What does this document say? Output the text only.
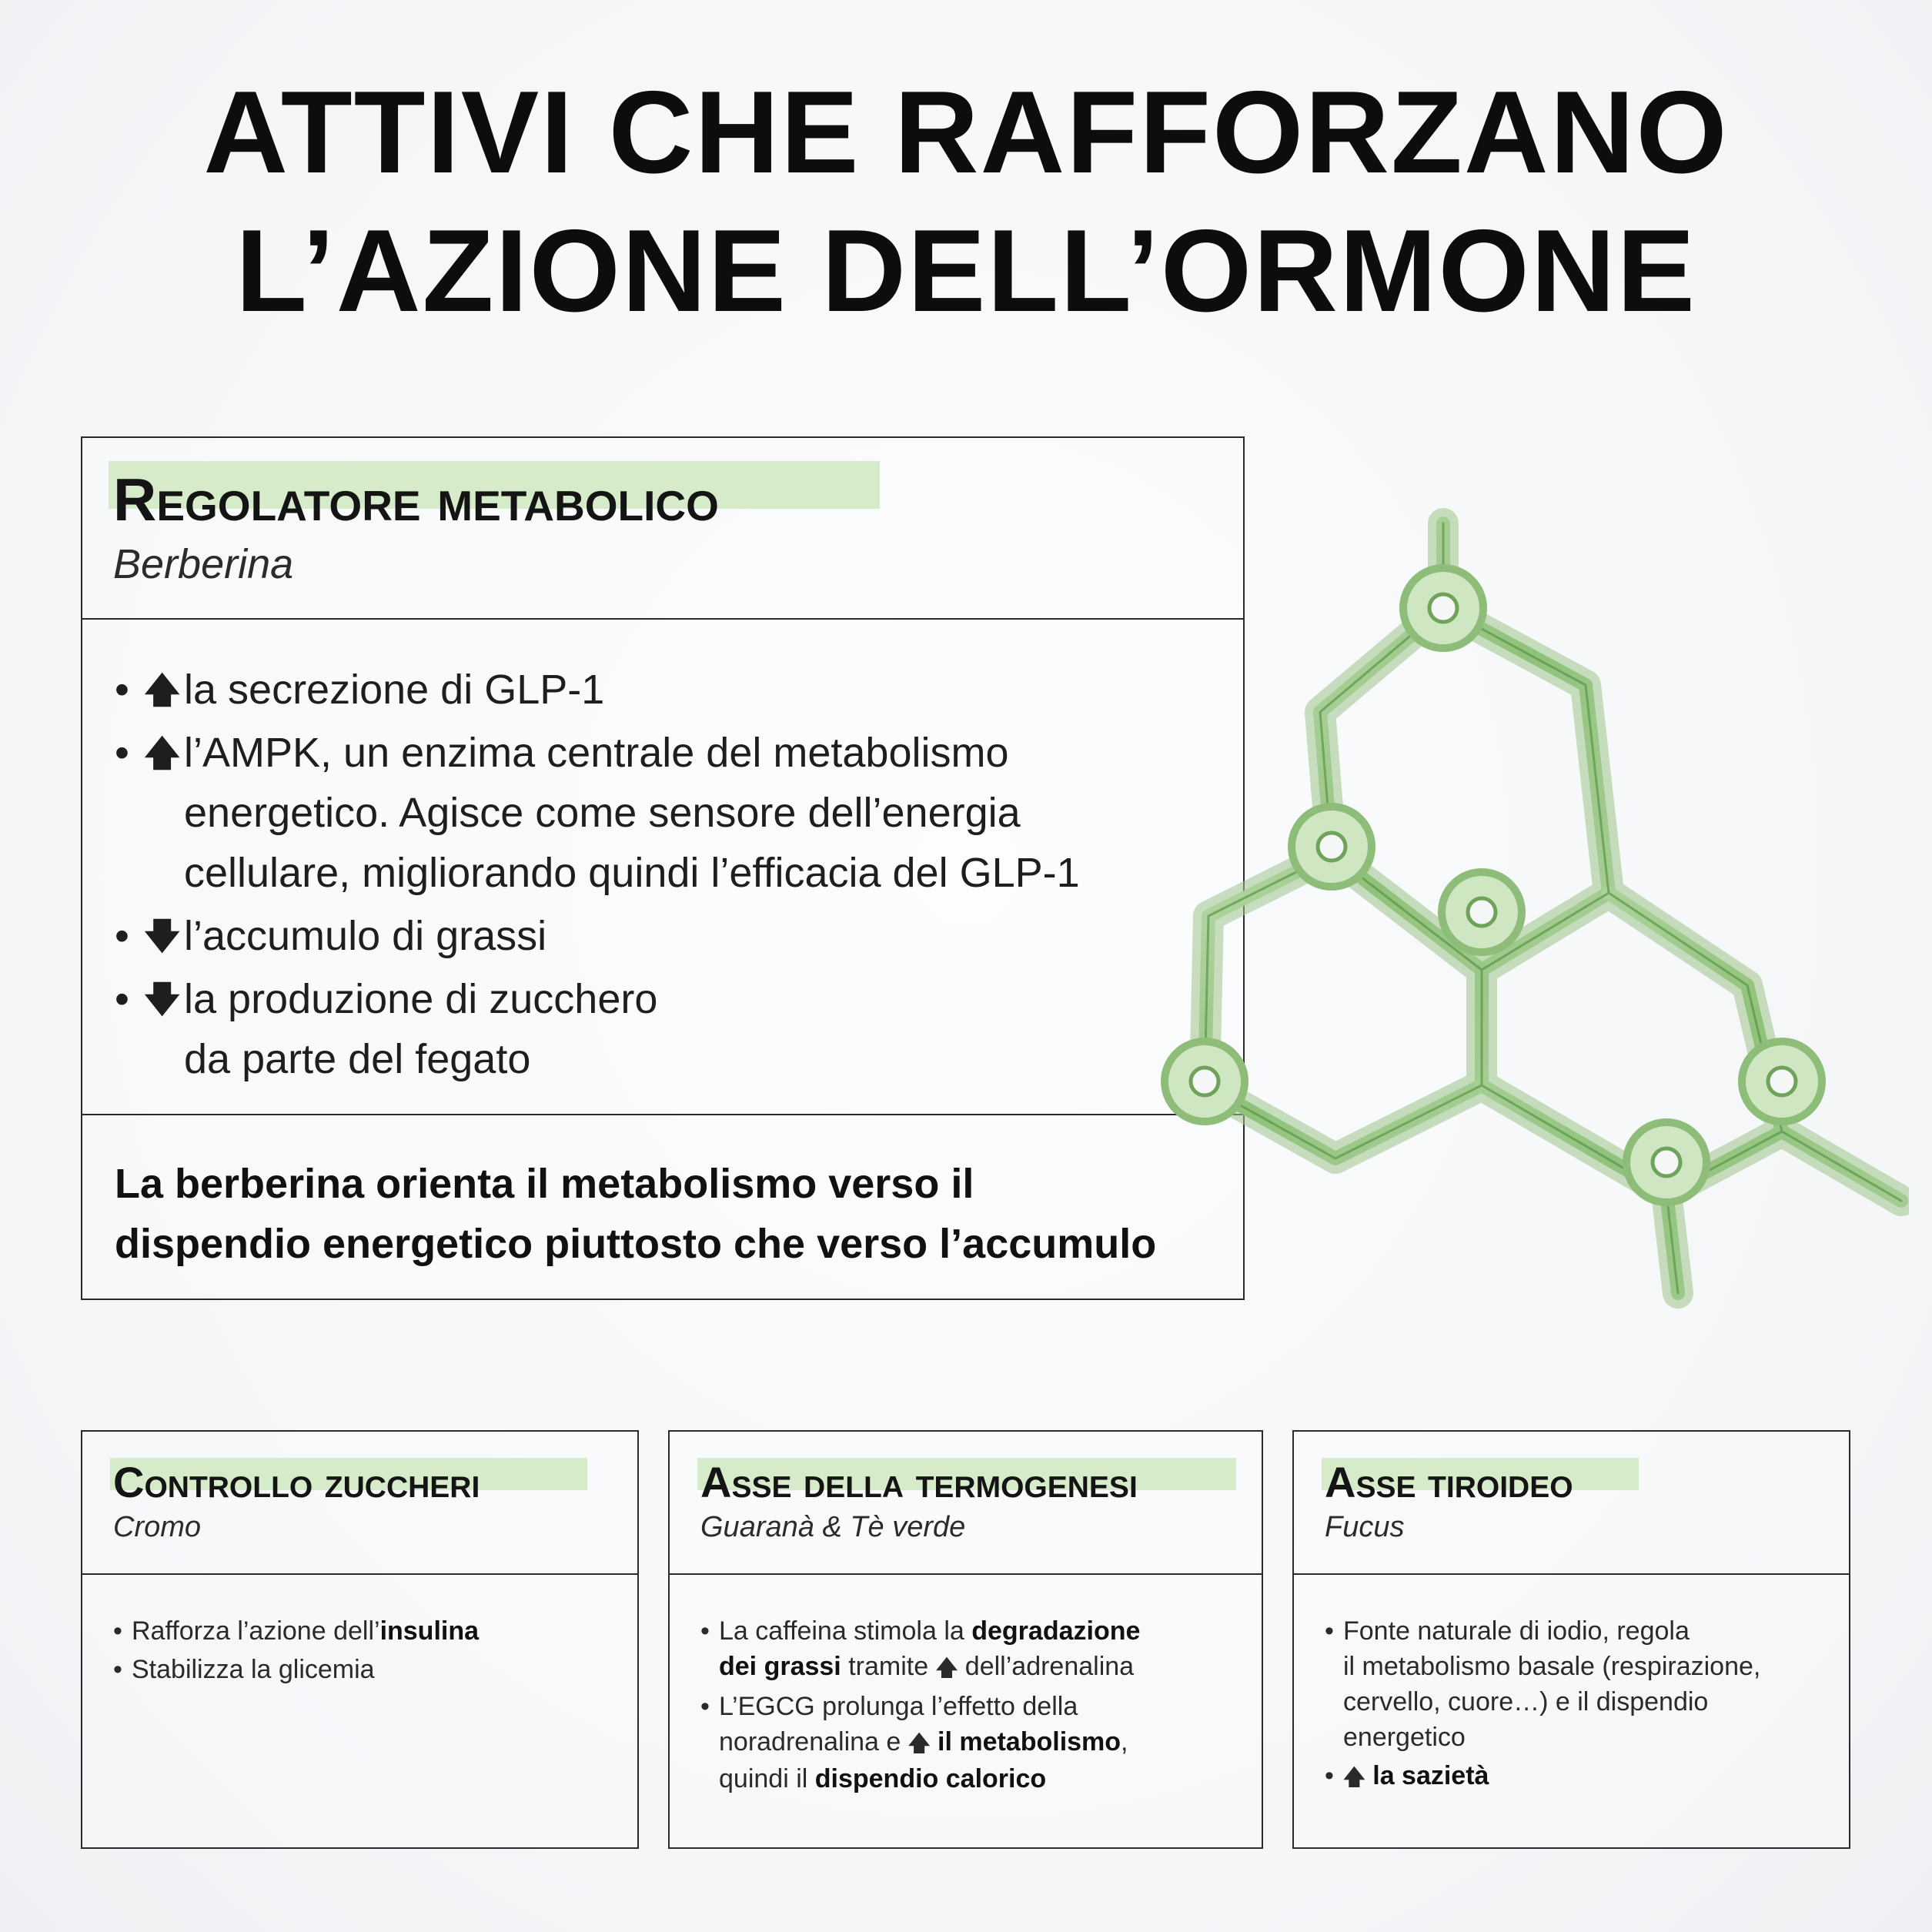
ATTIVI CHE RAFFORZANO
L’AZIONE DELL’ORMONE
Regolatore metabolico
Berberina
• 🡅 la secrezione di GLP-1
• 🡅 l’AMPK, un enzima centrale del metabolismo
energetico. Agisce come sensore dell’energia
cellulare, migliorando quindi l’efficacia del GLP-1
• 🡇 l’accumulo di grassi
• 🡇 la produzione di zucchero
da parte del fegato
La berberina orienta il metabolismo verso il
dispendio energetico piuttosto che verso l’accumulo
Controllo zuccheri
Cromo
• Rafforza l’azione dell’insulina
• Stabilizza la glicemia
Asse della termogenesi
Guaranà & Tè verde
• La caffeina stimola la degradazione
dei grassi tramite 🡅 dell’adrenalina
• L’EGCG prolunga l’effetto della
noradrenalina e 🡅 il metabolismo,
quindi il dispendio calorico
Asse tiroideo
Fucus
• Fonte naturale di iodio, regola
il metabolismo basale (respirazione,
cervello, cuore…) e il dispendio
energetico
• 🡅 la sazietà
